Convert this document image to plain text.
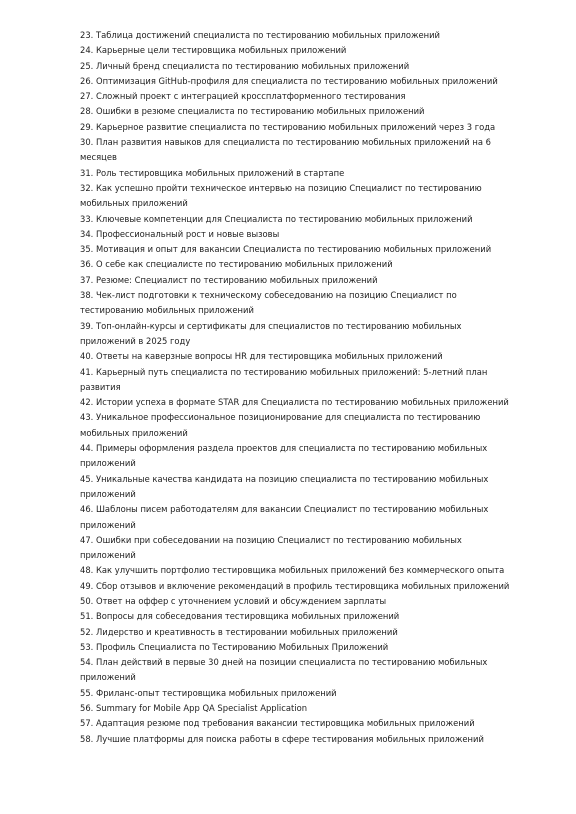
23. Таблица достижений специалиста по тестированию мобильных приложений
24. Карьерные цели тестировщика мобильных приложений
25. Личный бренд специалиста по тестированию мобильных приложений
26. Оптимизация GitHub-профиля для специалиста по тестированию мобильных приложений
27. Сложный проект с интеграцией кроссплатформенного тестирования
28. Ошибки в резюме специалиста по тестированию мобильных приложений
29. Карьерное развитие специалиста по тестированию мобильных приложений через 3 года
30. План развития навыков для специалиста по тестированию мобильных приложений на 6 месяцев
31. Роль тестировщика мобильных приложений в стартапе
32. Как успешно пройти техническое интервью на позицию Специалист по тестированию мобильных приложений
33. Ключевые компетенции для Специалиста по тестированию мобильных приложений
34. Профессиональный рост и новые вызовы
35. Мотивация и опыт для вакансии Специалиста по тестированию мобильных приложений
36. О себе как специалисте по тестированию мобильных приложений
37. Резюме: Специалист по тестированию мобильных приложений
38. Чек-лист подготовки к техническому собеседованию на позицию Специалист по тестированию мобильных приложений
39. Топ-онлайн-курсы и сертификаты для специалистов по тестированию мобильных приложений в 2025 году
40. Ответы на каверзные вопросы HR для тестировщика мобильных приложений
41. Карьерный путь специалиста по тестированию мобильных приложений: 5-летний план развития
42. Истории успеха в формате STAR для Специалиста по тестированию мобильных приложений
43. Уникальное профессиональное позиционирование для специалиста по тестированию мобильных приложений
44. Примеры оформления раздела проектов для специалиста по тестированию мобильных приложений
45. Уникальные качества кандидата на позицию специалиста по тестированию мобильных приложений
46. Шаблоны писем работодателям для вакансии Специалист по тестированию мобильных приложений
47. Ошибки при собеседовании на позицию Специалист по тестированию мобильных приложений
48. Как улучшить портфолио тестировщика мобильных приложений без коммерческого опыта
49. Сбор отзывов и включение рекомендаций в профиль тестировщика мобильных приложений
50. Ответ на оффер с уточнением условий и обсуждением зарплаты
51. Вопросы для собеседования тестировщика мобильных приложений
52. Лидерство и креативность в тестировании мобильных приложений
53. Профиль Специалиста по Тестированию Мобильных Приложений
54. План действий в первые 30 дней на позиции специалиста по тестированию мобильных приложений
55. Фриланс-опыт тестировщика мобильных приложений
56. Summary for Mobile App QA Specialist Application
57. Адаптация резюме под требования вакансии тестировщика мобильных приложений
58. Лучшие платформы для поиска работы в сфере тестирования мобильных приложений
